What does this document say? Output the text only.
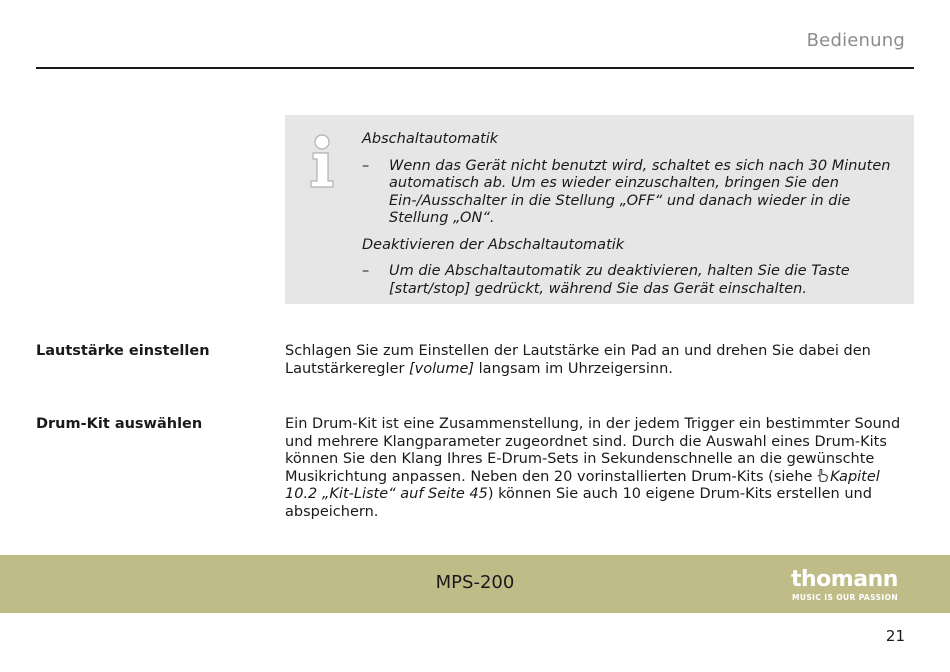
Bedienung

Abschaltautomatik

– Wenn das Gerät nicht benutzt wird, schaltet es sich nach 30 Minuten automatisch ab. Um es wieder einzuschalten, bringen Sie den Ein-/Ausschalter in die Stellung „OFF“ und danach wieder in die Stellung „ON“.

Deaktivieren der Abschaltautomatik

– Um die Abschaltautomatik zu deaktivieren, halten Sie die Taste [start/stop] gedrückt, während Sie das Gerät einschalten.

Lautstärke einstellen	Schlagen Sie zum Einstellen der Lautstärke ein Pad an und drehen Sie dabei den Lautstärkeregler [volume] langsam im Uhrzeigersinn.

Drum-Kit auswählen	Ein Drum-Kit ist eine Zusammenstellung, in der jedem Trigger ein bestimmter Sound und mehrere Klangparameter zugeordnet sind. Durch die Auswahl eines Drum-Kits können Sie den Klang Ihres E-Drum-Sets in Sekundenschnelle an die gewünschte Musikrichtung anpassen. Neben den 20 vorinstallierten Drum-Kits (siehe Kapitel 10.2 „Kit-Liste“ auf Seite 45) können Sie auch 10 eigene Drum-Kits erstellen und abspeichern.

MPS-200	thomann
MUSIC IS OUR PASSION
21
